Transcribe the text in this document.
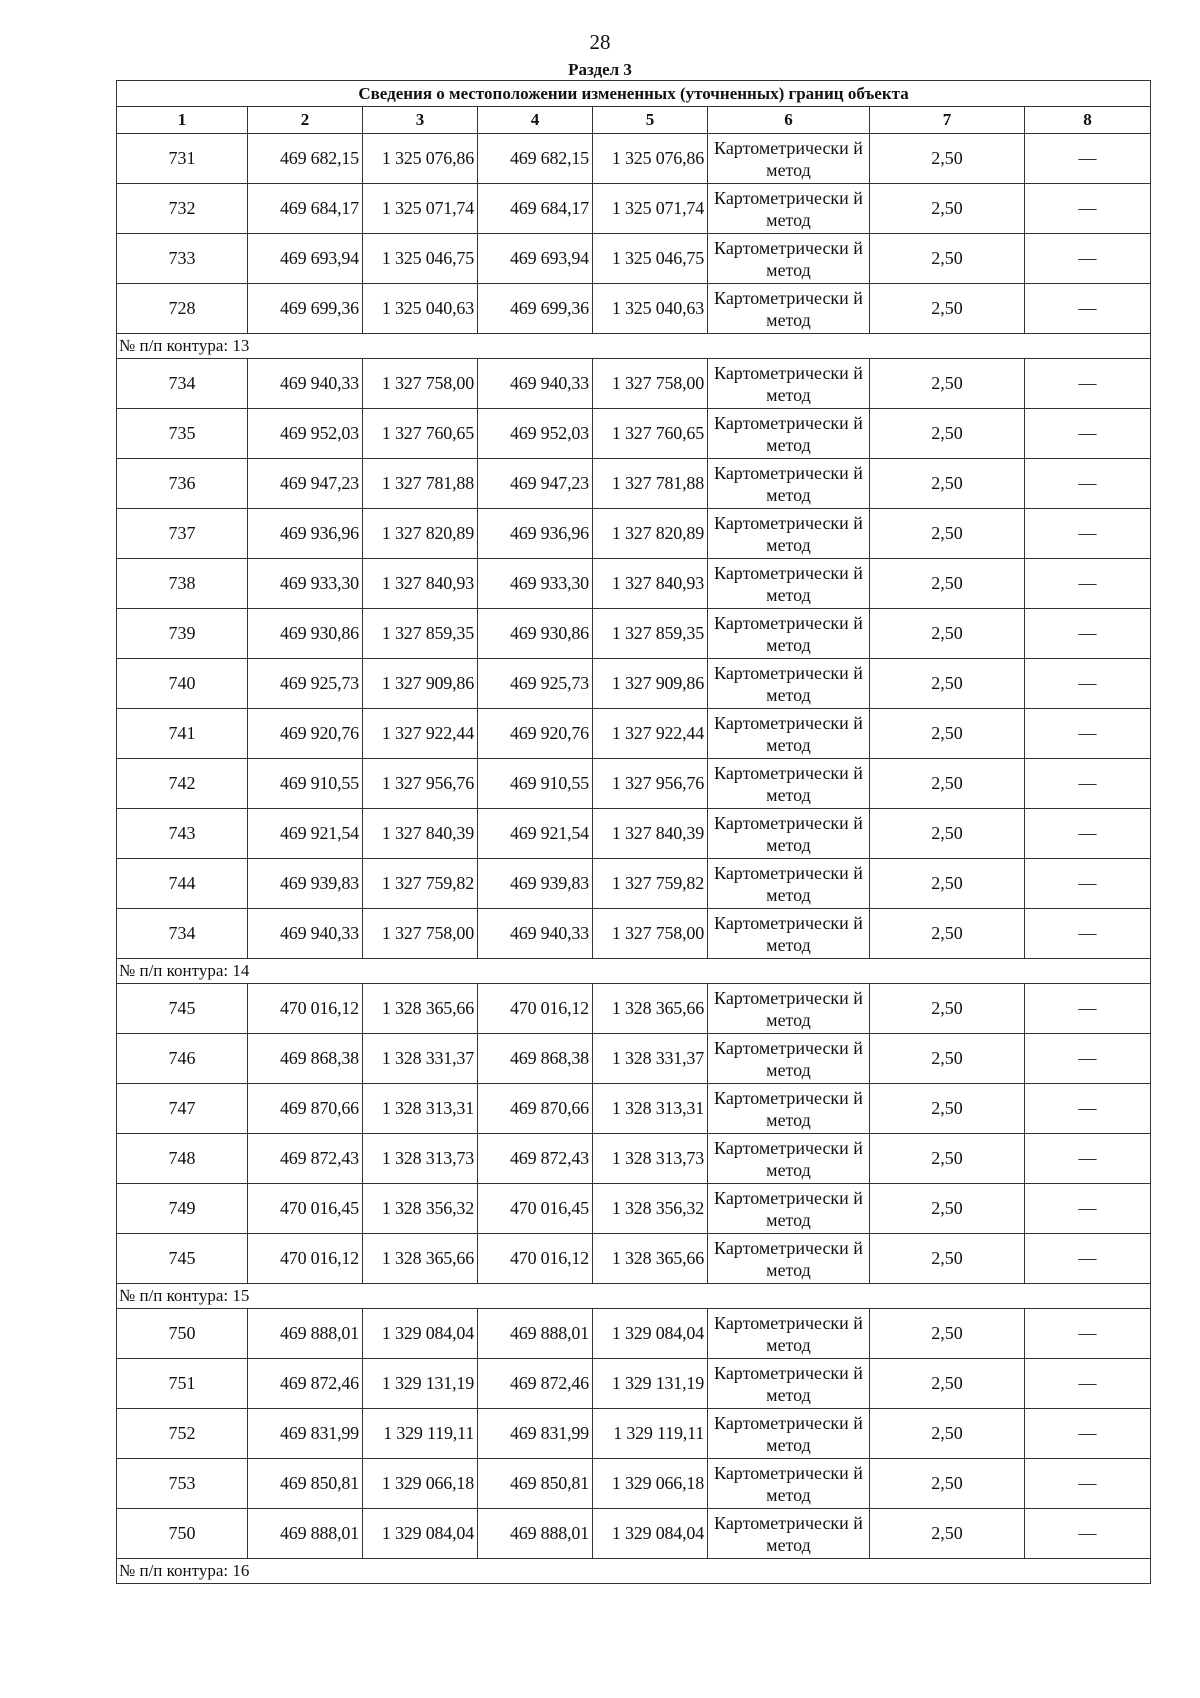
28
Раздел 3
Сведения о местоположении измененных (уточненных) границ объекта							
1	2	3	4	5	6	7	8
731	469 682,15	1 325 076,86	469 682,15	1 325 076,86	Картометрически й метод	2,50	—
732	469 684,17	1 325 071,74	469 684,17	1 325 071,74	Картометрически й метод	2,50	—
733	469 693,94	1 325 046,75	469 693,94	1 325 046,75	Картометрически й метод	2,50	—
728	469 699,36	1 325 040,63	469 699,36	1 325 040,63	Картометрически й метод	2,50	—
№ п/п контура: 13							
734	469 940,33	1 327 758,00	469 940,33	1 327 758,00	Картометрически й метод	2,50	—
735	469 952,03	1 327 760,65	469 952,03	1 327 760,65	Картометрически й метод	2,50	—
736	469 947,23	1 327 781,88	469 947,23	1 327 781,88	Картометрически й метод	2,50	—
737	469 936,96	1 327 820,89	469 936,96	1 327 820,89	Картометрически й метод	2,50	—
738	469 933,30	1 327 840,93	469 933,30	1 327 840,93	Картометрически й метод	2,50	—
739	469 930,86	1 327 859,35	469 930,86	1 327 859,35	Картометрически й метод	2,50	—
740	469 925,73	1 327 909,86	469 925,73	1 327 909,86	Картометрически й метод	2,50	—
741	469 920,76	1 327 922,44	469 920,76	1 327 922,44	Картометрически й метод	2,50	—
742	469 910,55	1 327 956,76	469 910,55	1 327 956,76	Картометрически й метод	2,50	—
743	469 921,54	1 327 840,39	469 921,54	1 327 840,39	Картометрически й метод	2,50	—
744	469 939,83	1 327 759,82	469 939,83	1 327 759,82	Картометрически й метод	2,50	—
734	469 940,33	1 327 758,00	469 940,33	1 327 758,00	Картометрически й метод	2,50	—
№ п/п контура: 14							
745	470 016,12	1 328 365,66	470 016,12	1 328 365,66	Картометрически й метод	2,50	—
746	469 868,38	1 328 331,37	469 868,38	1 328 331,37	Картометрически й метод	2,50	—
747	469 870,66	1 328 313,31	469 870,66	1 328 313,31	Картометрически й метод	2,50	—
748	469 872,43	1 328 313,73	469 872,43	1 328 313,73	Картометрически й метод	2,50	—
749	470 016,45	1 328 356,32	470 016,45	1 328 356,32	Картометрически й метод	2,50	—
745	470 016,12	1 328 365,66	470 016,12	1 328 365,66	Картометрически й метод	2,50	—
№ п/п контура: 15							
750	469 888,01	1 329 084,04	469 888,01	1 329 084,04	Картометрически й метод	2,50	—
751	469 872,46	1 329 131,19	469 872,46	1 329 131,19	Картометрически й метод	2,50	—
752	469 831,99	1 329 119,11	469 831,99	1 329 119,11	Картометрически й метод	2,50	—
753	469 850,81	1 329 066,18	469 850,81	1 329 066,18	Картометрически й метод	2,50	—
750	469 888,01	1 329 084,04	469 888,01	1 329 084,04	Картометрически й метод	2,50	—
№ п/п контура: 16							
